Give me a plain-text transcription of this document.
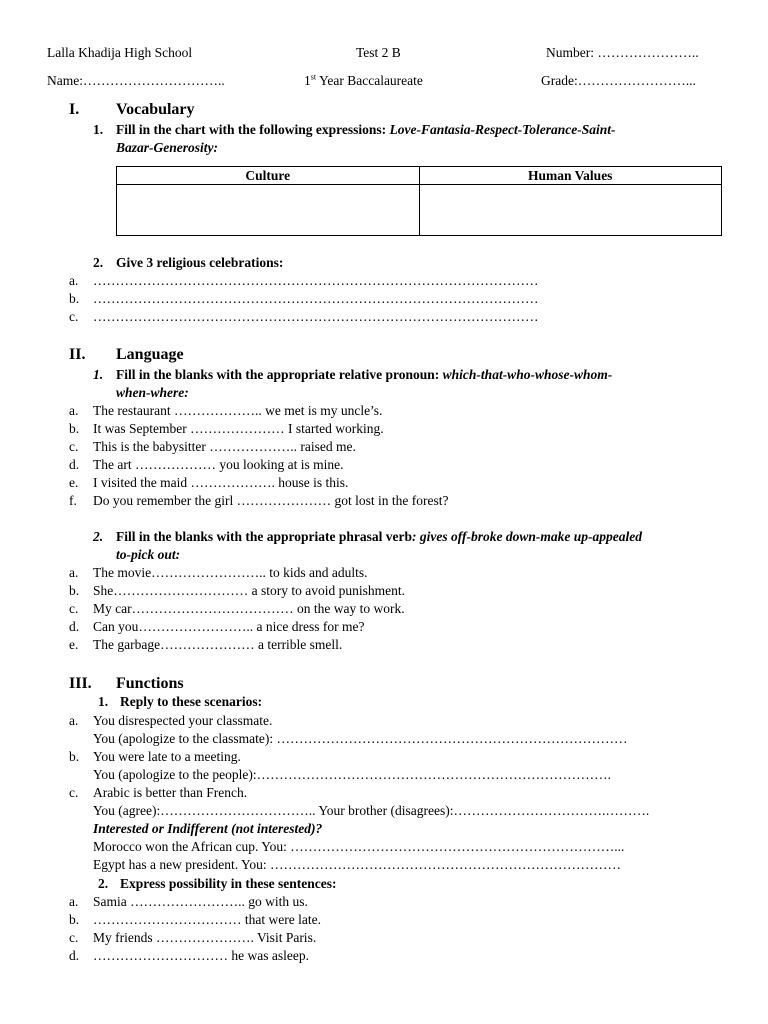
Lalla Khadija High School	Test 2 B	Number: …………………..
Name:…………………………..	1st Year Baccalaureate	Grade:……………………...
I. Vocabulary
1. Fill in the chart with the following expressions: Love-Fantasia-Respect-Tolerance-Saint-
Bazar-Generosity:
Culture	Human Values

2. Give 3 religious celebrations:
a. ………………………………………………………………………………………
b. ………………………………………………………………………………………
c. ………………………………………………………………………………………
II. Language
1. Fill in the blanks with the appropriate relative pronoun: which-that-who-whose-whom-
when-where:
a. The restaurant ……………….. we met is my uncle’s.
b. It was September ………………… I started working.
c. This is the babysitter ……………….. raised me.
d. The art ……………… you looking at is mine.
e. I visited the maid ………………. house is this.
f. Do you remember the girl ………………… got lost in the forest?
2. Fill in the blanks with the appropriate phrasal verb: gives off-broke down-make up-appealed
to-pick out:
a. The movie…………………….. to kids and adults.
b. She………………………… a story to avoid punishment.
c. My car……………………………… on the way to work.
d. Can you…………………….. a nice dress for me?
e. The garbage………………… a terrible smell.
III. Functions
1. Reply to these scenarios:
a. You disrespected your classmate.
You (apologize to the classmate): ……………………………………………………………………
b. You were late to a meeting.
You (apologize to the people):…………………………………………………………………….
c. Arabic is better than French.
You (agree):…………………………….. Your brother (disagrees):…………………………….……….
Interested or Indifferent (not interested)?
Morocco won the African cup. You: ………………………………………………………………...
Egypt has a new president. You: ……………………………………………………………………
2. Express possibility in these sentences:
a. Samia …………………….. go with us.
b. …………………………… that were late.
c. My friends …………………. Visit Paris.
d. ………………………… he was asleep.
